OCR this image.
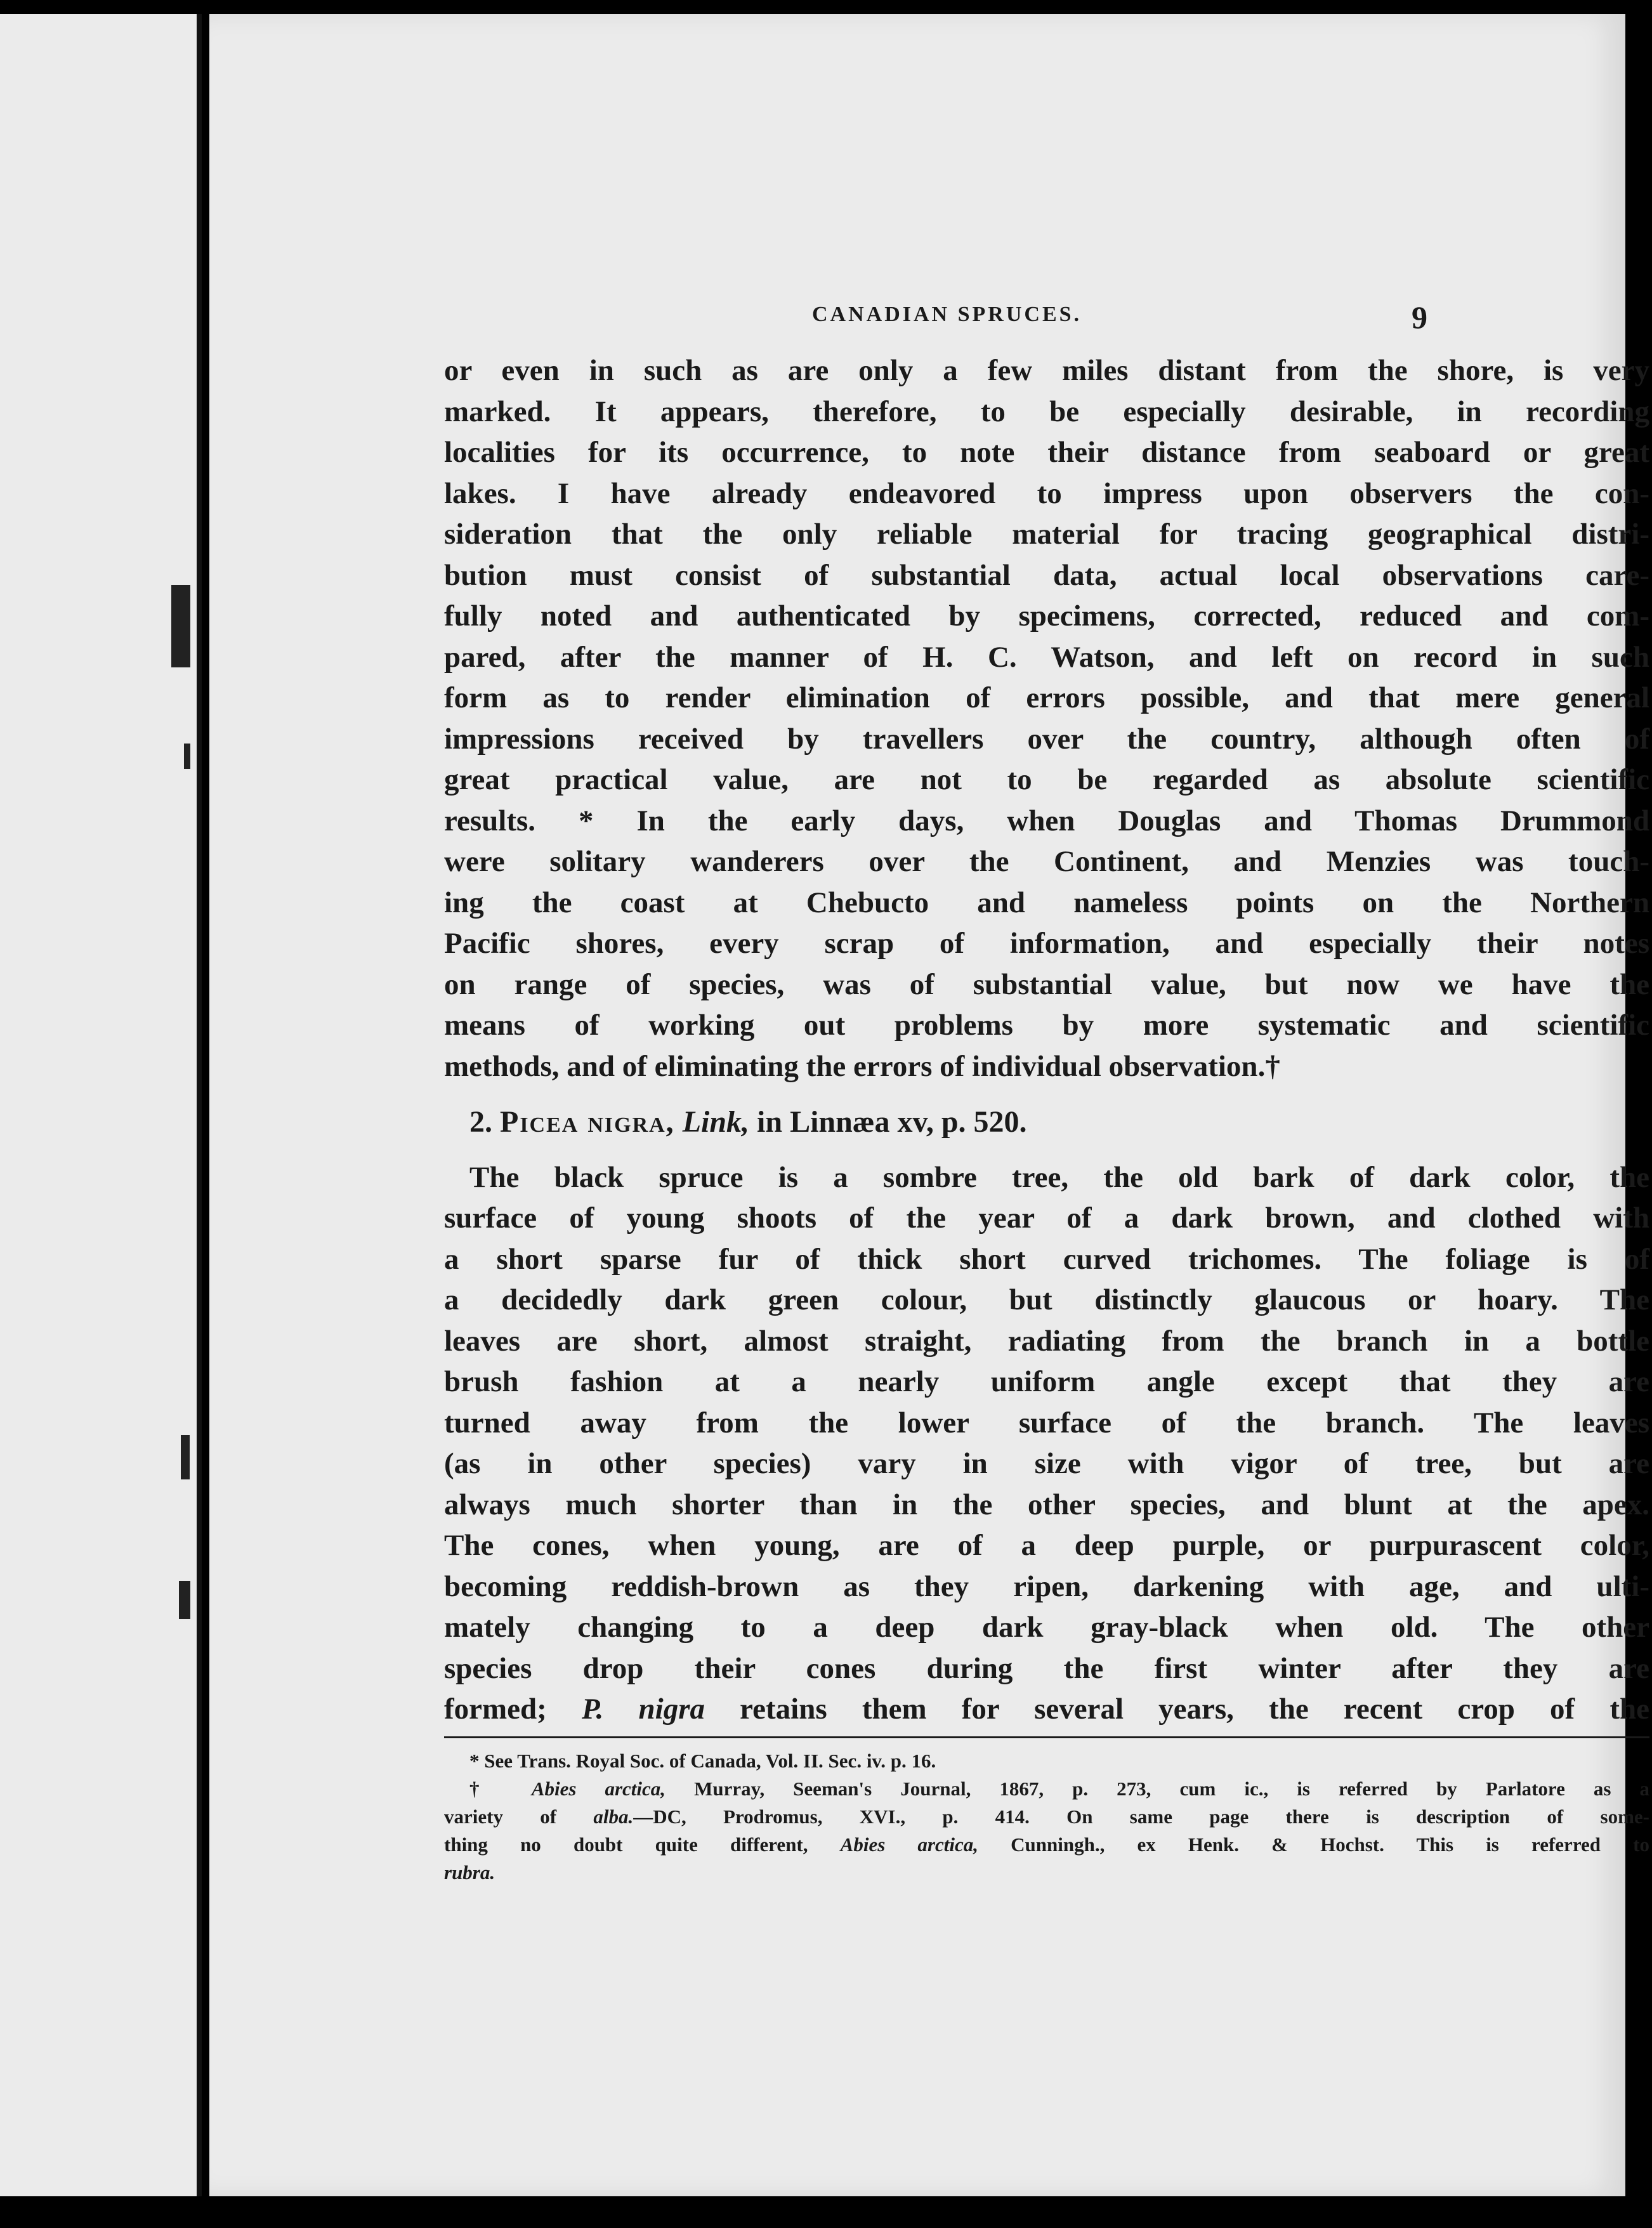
CANADIAN SPRUCES.	9
or even in such as are only a few miles distant from the shore, is very
marked. It appears, therefore, to be especially desirable, in recording
localities for its occurrence, to note their distance from seaboard or great
lakes. I have already endeavored to impress upon observers the con-
sideration that the only reliable material for tracing geographical distri-
bution must consist of substantial data, actual local observations care-
fully noted and authenticated by specimens, corrected, reduced and com-
pared, after the manner of H. C. Watson, and left on record in such
form as to render elimination of errors possible, and that mere general
impressions received by travellers over the country, although often of
great practical value, are not to be regarded as absolute scientific
results. * In the early days, when Douglas and Thomas Drummond
were solitary wanderers over the Continent, and Menzies was touch-
ing the coast at Chebucto and nameless points on the Northern
Pacific shores, every scrap of information, and especially their notes
on range of species, was of substantial value, but now we have the
means of working out problems by more systematic and scientific
methods, and of eliminating the errors of individual observation.†
2. Picea nigra, Link, in Linnæa xv, p. 520.
The black spruce is a sombre tree, the old bark of dark color, the
surface of young shoots of the year of a dark brown, and clothed with
a short sparse fur of thick short curved trichomes. The foliage is of
a decidedly dark green colour, but distinctly glaucous or hoary. The
leaves are short, almost straight, radiating from the branch in a bottle
brush fashion at a nearly uniform angle except that they are
turned away from the lower surface of the branch. The leaves
(as in other species) vary in size with vigor of tree, but are
always much shorter than in the other species, and blunt at the apex.
The cones, when young, are of a deep purple, or purpurascent color,
becoming reddish-brown as they ripen, darkening with age, and ulti-
mately changing to a deep dark gray-black when old. The other
species drop their cones during the first winter after they are
formed; P. nigra retains them for several years, the recent crop of the
* See Trans. Royal Soc. of Canada, Vol. II. Sec. iv. p. 16.
† Abies arctica, Murray, Seeman's Journal, 1867, p. 273, cum ic., is referred by Parlatore as a
variety of alba.—DC, Prodromus, XVI., p. 414. On same page there is description of some-
thing no doubt quite different, Abies arctica, Cunningh., ex Henk. & Hochst. This is referred to
rubra.
